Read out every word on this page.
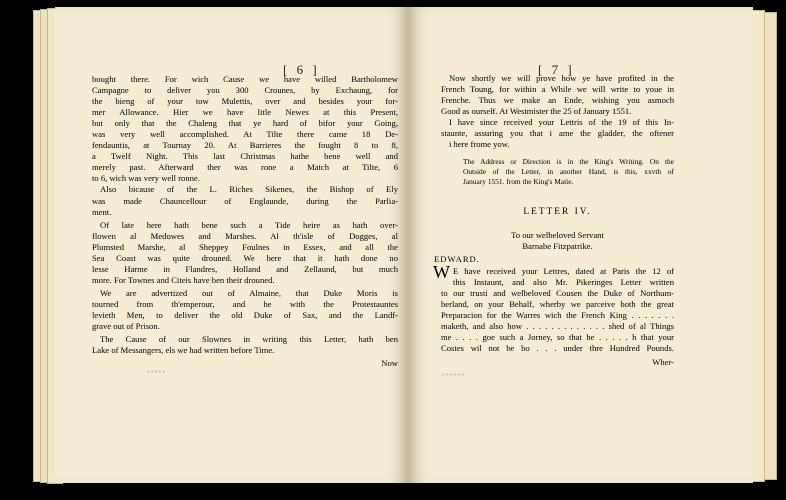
[ 6 ]
▪▪▪▪▪
[ 7 ]
▪▪▪▪▪▪
bought there. For wich Cause we have willed Bartholomew
Campagne to deliver you 300 Crounes, by Exchaung, for
the bieng of your tow Mulettis, over and besides your for-
mer Allowance. Hier we have litle Newes at this Present,
but only that the Chaleng that ye hard of bifor your Going,
was very well accomplished. At Tilte there came 18 De-
fendauntis, at Tournay 20. At Barrieres the fought 8 to 8,
a Twelf Night. This last Christmas hathe bene well and
merely past. Afterward ther was rone a Match at Tilte, 6
to 6, wich was very well ronne.
Also bicause of the L. Riches Sikenes, the Bishop of Ely
was made Chauncellour of Englaunde, during the Parlia-
ment.
Of late here hath bene such a Tide heire as hath over-
flowen al Medowes and Marshes. Al th'isle of Dogges, al
Plumsted Marshe, al Sheppey Foulnes in Essex, and all the
Sea Coast was quite drouned. We here that it hath done no
lesse Harme in Flandres, Holland and Zellaund, but much
more. For Townes and Citeis have ben their drouned.
We are advertized out of Almaine, that Duke Moris is
tourned from th'emperour, and he with the Protestauntes
levieth Men, to deliver the old Duke of Sax, and the Landf-
grave out of Prison.
The Cause of our Slownes in writing this Letter, hath ben
Lake of Messangers, els we had written before Time.
Now
Now shortly we will prove how ye have profited in the
French Toung, for within a While we will write to youe in
Frenche. Thus we make an Ende, wishing you asmoch
Good as ourself. At Westmister the 25 of January 1551.
I have since received your Lettris of the 19 of this In-
staunte, assuring you that i ame the gladder, the oftener
i here frome yow.
The Address or Direction is in the King's Writing. On the
Outside of the Letter, in another Hand, is this, xxvth of
January 1551. from the King's Matie.
LETTER IV.
To our welbeloved Servant
Barnabe Fitzpatrike.
EDWARD.
W E have received your Lettres, dated at Paris the 12 of
this Instaunt, and also Mr. Pikeringes Letter written
to our trusti and welbeloved Cousen the Duke of Northum-
berland, on your Behalf, wherby we parceive both the great
Preparacion for the Warres wich the French King . . . . . . .
maketh, and also how . . . . . . . . . . . . . shed of al Things
me . . . . goe such a Jorney, so that he . . . . . h that your
Costes wil not be bo . . . under thre Hundred Pounds.
Wher-
